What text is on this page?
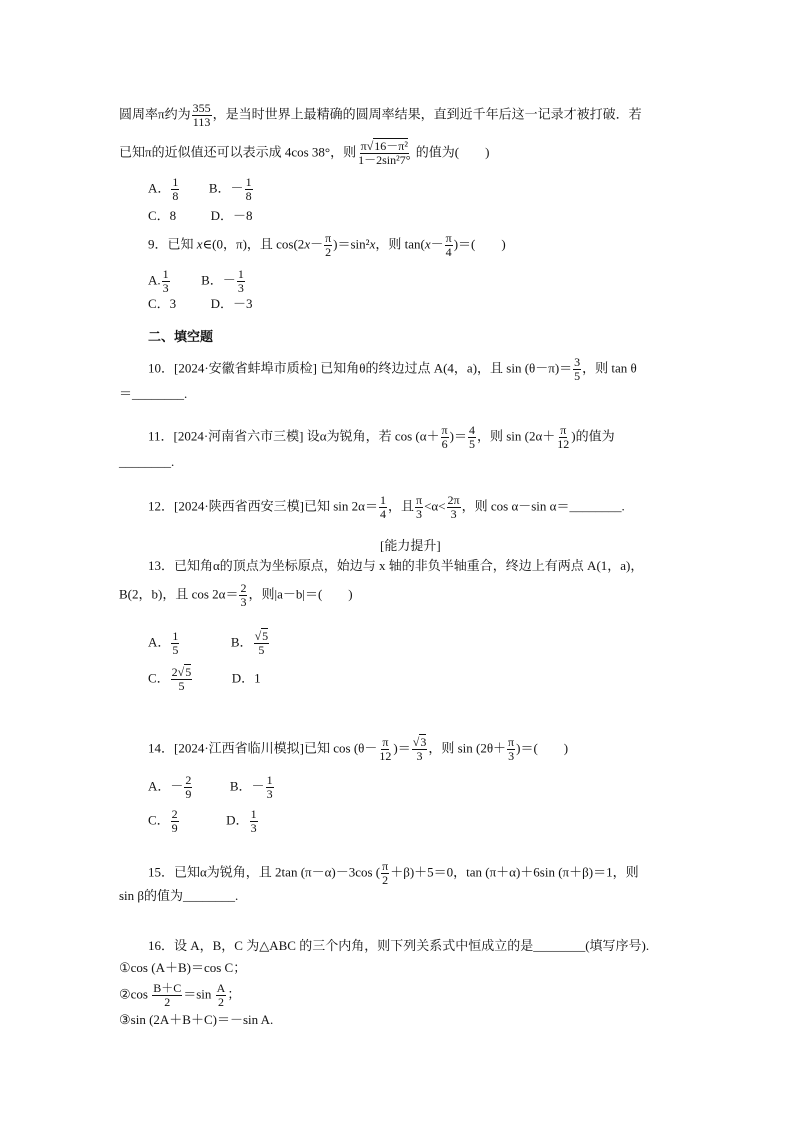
圆周率π约为 $\frac{355}{113}$ ，是当时世界上最精确的圆周率结果，直到近千年后这一记录才被打破．若
已知π的近似值还可以表示成 4cos 38°，则 $\frac{\text{π√16－π²}}{\text{1－2sin²7°}}$ 的值为(　　)
A． $\frac{1}{8}$ B．－ $\frac{1}{8}$
C．8	D．－8
9．已知 x∈(0，π)，且 $\cos(2x- \frac{\pi}{2} )=\sin^2x$，则 $\tan(x- \frac{\pi}{4}$ )＝(　　)
A. $\frac{1}{3}$ B．－ $\frac{1}{3}$
C．3	D．－3
二、填空题
10．[2024·安徽省蚌埠市质检] 已知角θ的终边过点 A(4，a)，且 $\sin (\theta-\pi)= \frac{3}{5}$ ，则 tan θ
＝________.
11．[2024·河南省六市三模] 设α为锐角，若 $\cos (\alpha+ \frac{\pi}{6}$ )＝ $\frac{4}{5}$ ，则 $\sin (2\alpha+ \frac{\pi}{12}$ )的值为
________.
12．[2024·陕西省西安三模]已知 $\sin 2\alpha= \frac{1}{4}$ ，且 $\frac{\pi}{3} <\alpha< \frac{2\pi}{3}$ ，则 cos α－sin α＝________.
[能力提升]
13．已知角α的顶点为坐标原点，始边与 x 轴的非负半轴重合，终边上有两点 A(1，a)，
B(2，b)，且 $\cos 2\alpha= \frac{2}{3}$ ，则|a－b|＝(　　)
A． $\frac{1}{5}$	B． $\frac{√5}{5}$
C． $\frac{2√5}{5}$	D．1
14．[2024·江西省临川模拟]已知 $\cos (\theta- \frac{\pi}{12}$ )＝ $\frac{√3}{3}$ ，则 $\sin (2\theta+ \frac{\pi}{3}$ )＝(　　)
A．－ $\frac{2}{9}$	B．－ $\frac{1}{3}$
C． $\frac{2}{9}$	D． $\frac{1}{3}$
15．已知α为锐角，且 2tan (π－α)－3cos ( $\frac{\pi}{2} +\beta)+5=0$，tan (π＋α)＋6sin (π＋β)＝1，则
sin β的值为________.
16．设 A，B，C 为△ABC 的三个内角，则下列关系式中恒成立的是________(填写序号).
①cos (A＋B)＝cos C；
②cos $\frac{B+C}{2} =\sin \frac{A}{2}$ ；
③sin (2A＋B＋C)＝－sin A.
